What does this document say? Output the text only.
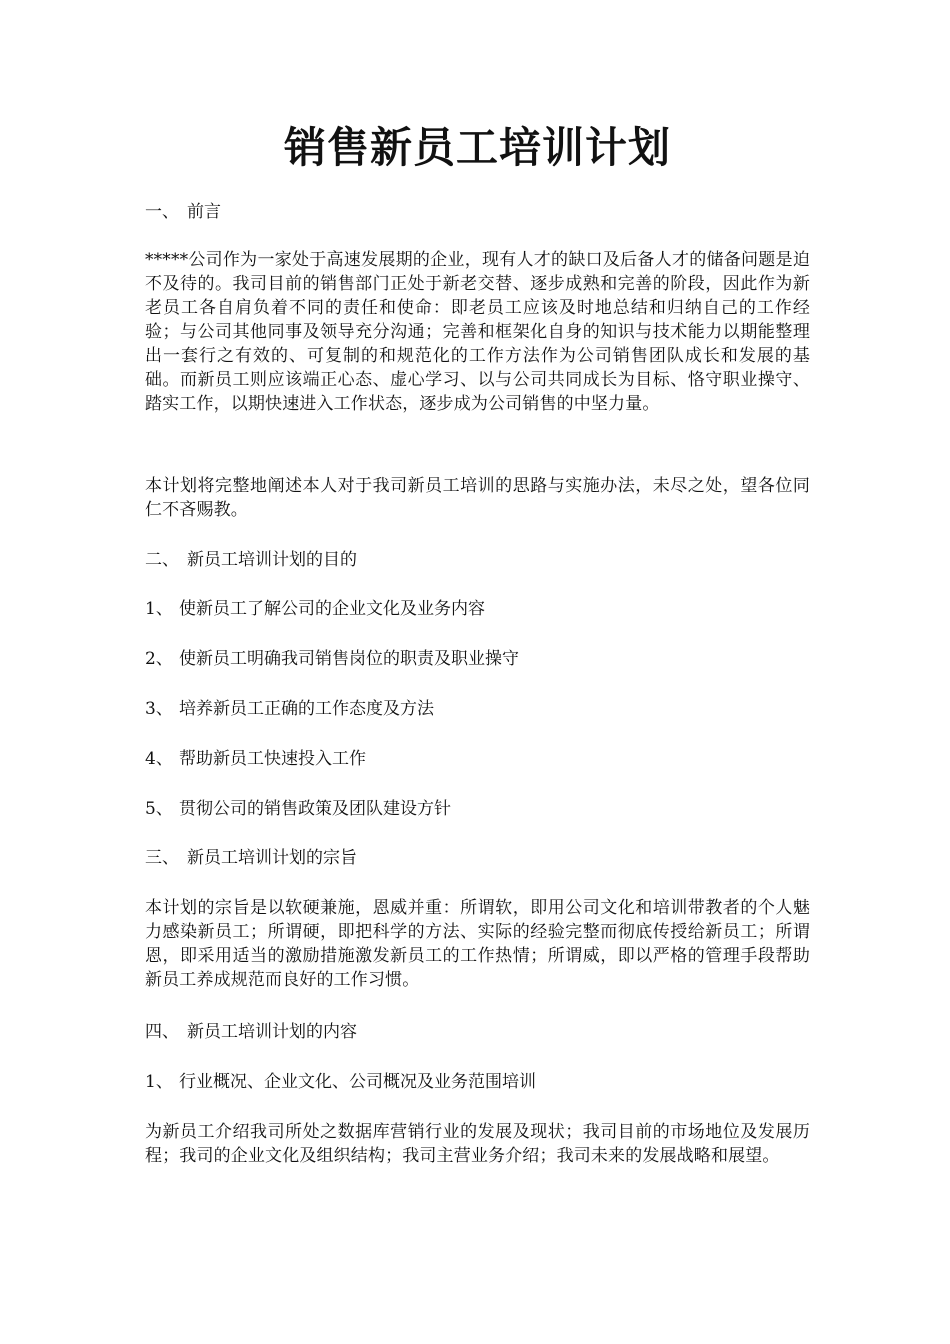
销售新员工培训计划
一、 前言

*****公司作为一家处于高速发展期的企业，现有人才的缺口及后备人才的储备问题是迫不及待的。我司目前的销售部门正处于新老交替、逐步成熟和完善的阶段，因此作为新老员工各自肩负着不同的责任和使命：即老员工应该及时地总结和归纳自己的工作经验；与公司其他同事及领导充分沟通；完善和框架化自身的知识与技术能力以期能整理出一套行之有效的、可复制的和规范化的工作方法作为公司销售团队成长和发展的基础。而新员工则应该端正心态、虚心学习、以与公司共同成长为目标、恪守职业操守、踏实工作，以期快速进入工作状态，逐步成为公司销售的中坚力量。

本计划将完整地阐述本人对于我司新员工培训的思路与实施办法，未尽之处，望各位同仁不吝赐教。

二、 新员工培训计划的目的
1、 使新员工了解公司的企业文化及业务内容
2、 使新员工明确我司销售岗位的职责及职业操守
3、 培养新员工正确的工作态度及方法
4、 帮助新员工快速投入工作
5、 贯彻公司的销售政策及团队建设方针
三、 新员工培训计划的宗旨

本计划的宗旨是以软硬兼施，恩威并重：所谓软，即用公司文化和培训带教者的个人魅力感染新员工；所谓硬，即把科学的方法、实际的经验完整而彻底传授给新员工；所谓恩，即采用适当的激励措施激发新员工的工作热情；所谓威，即以严格的管理手段帮助新员工养成规范而良好的工作习惯。

四、 新员工培训计划的内容
1、 行业概况、企业文化、公司概况及业务范围培训

为新员工介绍我司所处之数据库营销行业的发展及现状；我司目前的市场地位及发展历程；我司的企业文化及组织结构；我司主营业务介绍；我司未来的发展战略和展望。
